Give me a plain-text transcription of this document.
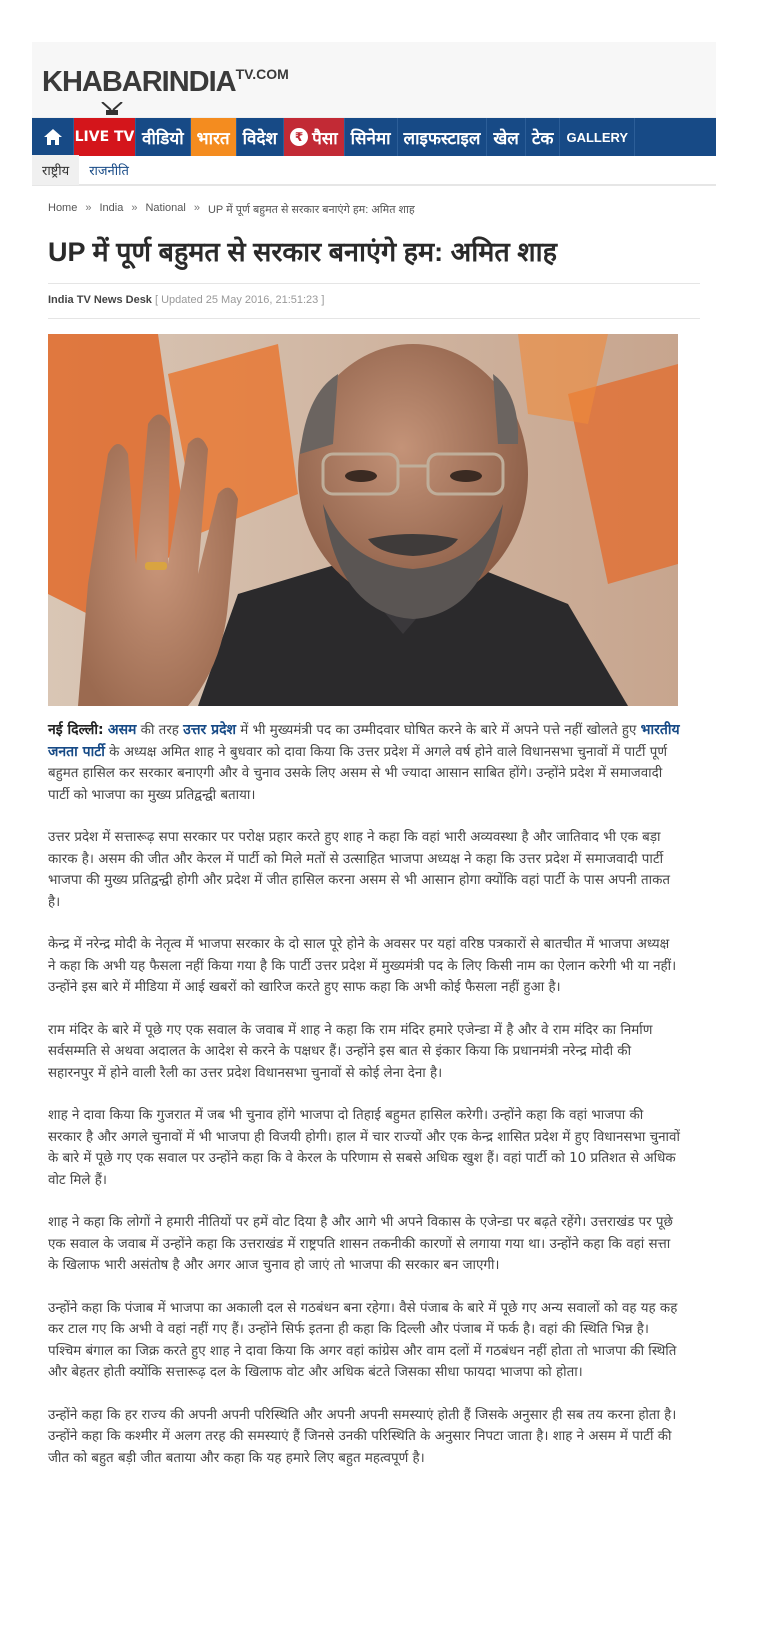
$KHABARINDIA^{TV.COM}$
LIVE TV वीडियो भारत विदेश	₹ पैसा सिनेमा लाइफस्टाइल खेल टेक	GALLERY
राष्ट्रीय	राजनीति
Home » India » National » UP में पूर्ण बहुमत से सरकार बनाएंगे हम: अमित शाह
UP में पूर्ण बहुमत से सरकार बनाएंगे हम: अमित शाह
India TV News Desk [ Updated 25 May 2016, 21:51:23 ]

नई दिल्ली: असम की तरह उत्तर प्रदेश में भी मुख्यमंत्री पद का उम्मीदवार घोषित करने के बारे में अपने पत्ते नहीं खोलते हुए भारतीय जनता पार्टी के अध्यक्ष अमित शाह ने बुधवार को दावा किया कि उत्तर प्रदेश में अगले वर्ष होने वाले विधानसभा चुनावों में पार्टी पूर्ण बहुमत हासिल कर सरकार बनाएगी और वे चुनाव उसके लिए असम से भी ज्यादा आसान साबित होंगे। उन्होंने प्रदेश में समाजवादी पार्टी को भाजपा का मुख्य प्रतिद्वन्द्वी बताया।

उत्तर प्रदेश में सत्तारूढ़ सपा सरकार पर परोक्ष प्रहार करते हुए शाह ने कहा कि वहां भारी अव्यवस्था है और जातिवाद भी एक बड़ा कारक है। असम की जीत और केरल में पार्टी को मिले मतों से उत्साहित भाजपा अध्यक्ष ने कहा कि उत्तर प्रदेश में समाजवादी पार्टी भाजपा की मुख्य प्रतिद्वन्द्वी होगी और प्रदेश में जीत हासिल करना असम से भी आसान होगा क्योंकि वहां पार्टी के पास अपनी ताकत है।

केन्द्र में नरेन्द्र मोदी के नेतृत्व में भाजपा सरकार के दो साल पूरे होने के अवसर पर यहां वरिष्ठ पत्रकारों से बातचीत में भाजपा अध्यक्ष ने कहा कि अभी यह फैसला नहीं किया गया है कि पार्टी उत्तर प्रदेश में मुख्यमंत्री पद के लिए किसी नाम का ऐलान करेगी भी या नहीं। उन्होंने इस बारे में मीडिया में आई खबरों को खारिज करते हुए साफ कहा कि अभी कोई फैसला नहीं हुआ है।

राम मंदिर के बारे में पूछे गए एक सवाल के जवाब में शाह ने कहा कि राम मंदिर हमारे एजेन्डा में है और वे राम मंदिर का निर्माण सर्वसम्मति से अथवा अदालत के आदेश से करने के पक्षधर हैं। उन्होंने इस बात से इंकार किया कि प्रधानमंत्री नरेन्द्र मोदी की सहारनपुर में होने वाली रैली का उत्तर प्रदेश विधानसभा चुनावों से कोई लेना देना है।

शाह ने दावा किया कि गुजरात में जब भी चुनाव होंगे भाजपा दो तिहाई बहुमत हासिल करेगी। उन्होंने कहा कि वहां भाजपा की सरकार है और अगले चुनावों में भी भाजपा ही विजयी होगी। हाल में चार राज्यों और एक केन्द्र शासित प्रदेश में हुए विधानसभा चुनावों के बारे में पूछे गए एक सवाल पर उन्होंने कहा कि वे केरल के परिणाम से सबसे अधिक खुश हैं। वहां पार्टी को 10 प्रतिशत से अधिक वोट मिले हैं।

शाह ने कहा कि लोगों ने हमारी नीतियों पर हमें वोट दिया है और आगे भी अपने विकास के एजेन्डा पर बढ़ते रहेंगे। उत्तराखंड पर पूछे एक सवाल के जवाब में उन्होंने कहा कि उत्तराखंड में राष्ट्रपति शासन तकनीकी कारणों से लगाया गया था। उन्होंने कहा कि वहां सत्ता के खिलाफ भारी असंतोष है और अगर आज चुनाव हो जाएं तो भाजपा की सरकार बन जाएगी।

उन्होंने कहा कि पंजाब में भाजपा का अकाली दल से गठबंधन बना रहेगा। वैसे पंजाब के बारे में पूछे गए अन्य सवालों को वह यह कह कर टाल गए कि अभी वे वहां नहीं गए हैं। उन्होंने सिर्फ इतना ही कहा कि दिल्ली और पंजाब में फर्क है। वहां की स्थिति भिन्न है। पश्चिम बंगाल का जिक्र करते हुए शाह ने दावा किया कि अगर वहां कांग्रेस और वाम दलों में गठबंधन नहीं होता तो भाजपा की स्थिति और बेहतर होती क्योंकि सत्तारूढ़ दल के खिलाफ वोट और अधिक बंटते जिसका सीधा फायदा भाजपा को होता।

उन्होंने कहा कि हर राज्य की अपनी अपनी परिस्थिति और अपनी अपनी समस्याएं होती हैं जिसके अनुसार ही सब तय करना होता है। उन्होंने कहा कि कश्मीर में अलग तरह की समस्याएं हैं जिनसे उनकी परिस्थिति के अनुसार निपटा जाता है। शाह ने असम में पार्टी की जीत को बहुत बड़ी जीत बताया और कहा कि यह हमारे लिए बहुत महत्वपूर्ण है।
